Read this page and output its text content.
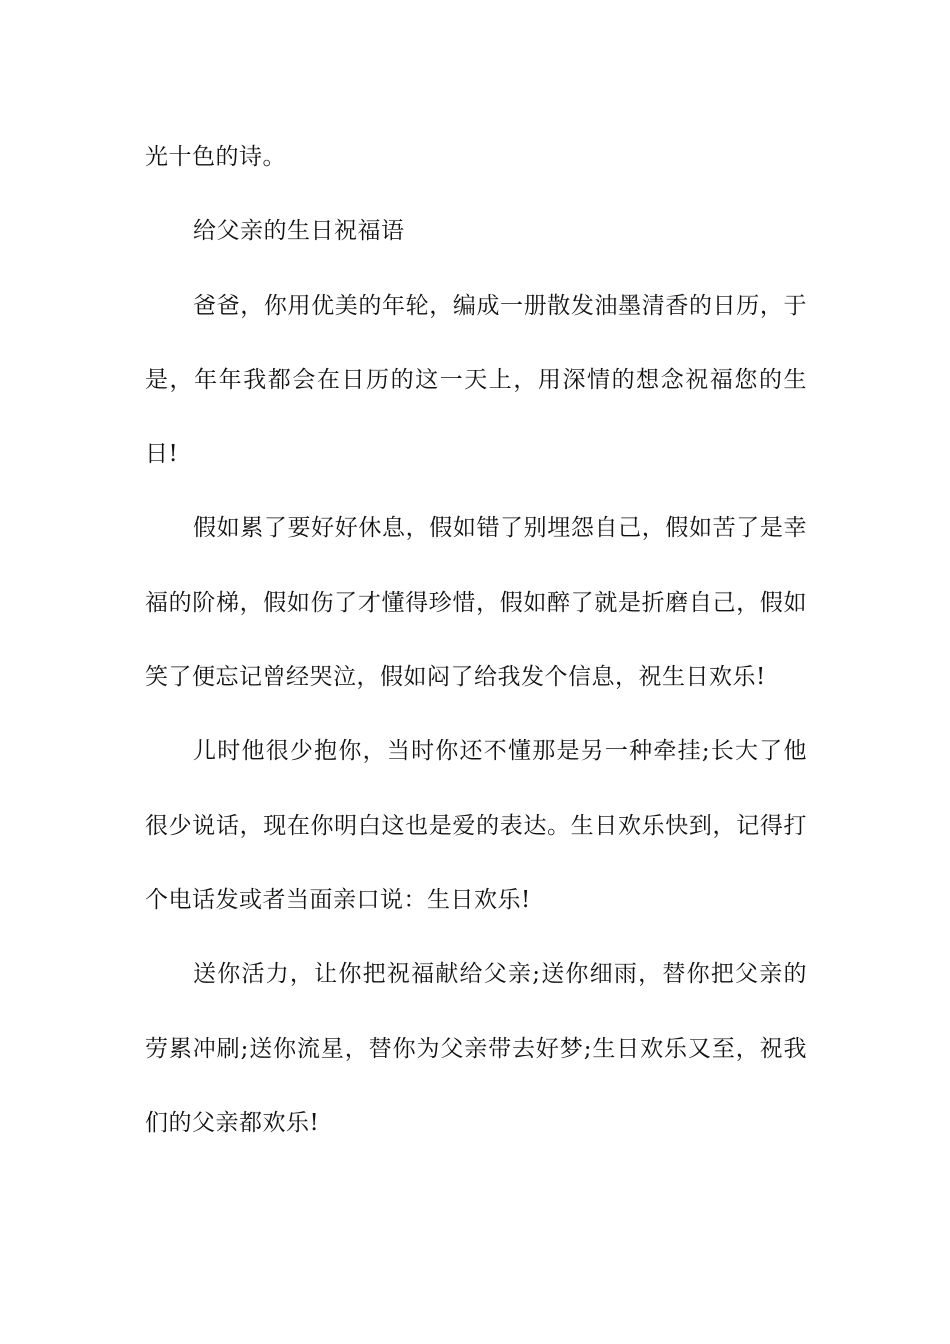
光十色的诗。

给父亲的生日祝福语

爸爸，你用优美的年轮，编成一册散发油墨清香的日历，于是，年年我都会在日历的这一天上，用深情的想念祝福您的生日!

假如累了要好好休息，假如错了别埋怨自己，假如苦了是幸福的阶梯，假如伤了才懂得珍惜，假如醉了就是折磨自己，假如笑了便忘记曾经哭泣，假如闷了给我发个信息，祝生日欢乐!

儿时他很少抱你，当时你还不懂那是另一种牵挂;长大了他很少说话，现在你明白这也是爱的表达。生日欢乐快到，记得打个电话发或者当面亲口说：生日欢乐!

送你活力，让你把祝福献给父亲;送你细雨，替你把父亲的劳累冲刷;送你流星，替你为父亲带去好梦;生日欢乐又至，祝我们的父亲都欢乐!
